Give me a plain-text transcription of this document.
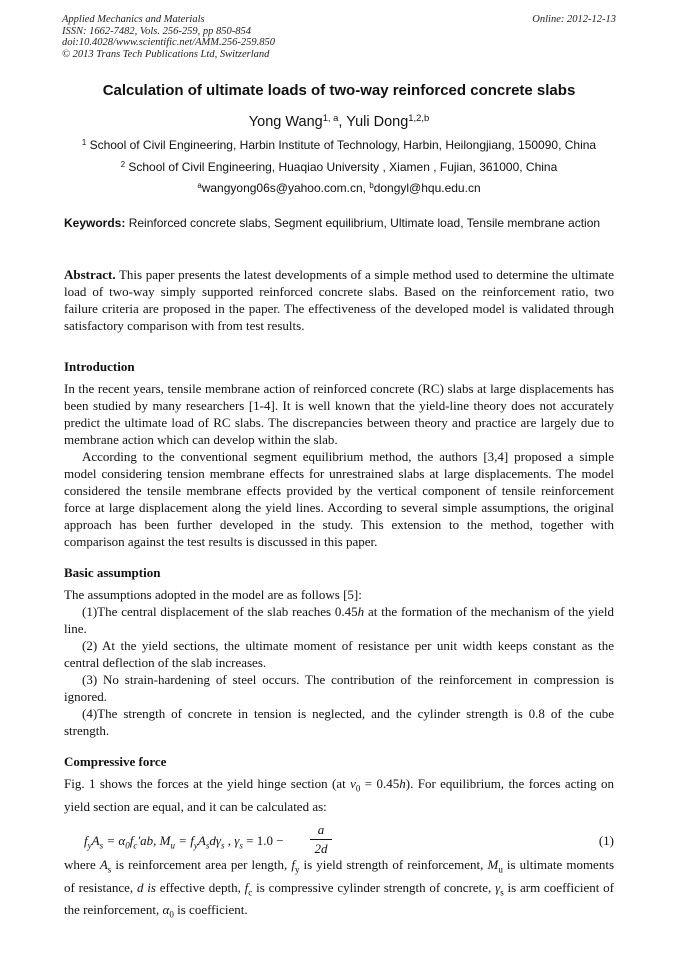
Applied Mechanics and Materials
ISSN: 1662-7482, Vols. 256-259, pp 850-854
doi:10.4028/www.scientific.net/AMM.256-259.850
© 2013 Trans Tech Publications Ltd, Switzerland
Online: 2012-12-13
Calculation of ultimate loads of two-way reinforced concrete slabs
Yong Wang$^{1, a}$, Yuli Dong$^{1,2,b}$
$^1$ School of Civil Engineering, Harbin Institute of Technology, Harbin, Heilongjiang, 150090, China
$^2$ School of Civil Engineering, Huaqiao University , Xiamen , Fujian, 361000, China
$^a$wangyong06s@yahoo.com.cn, $^b$dongyl@hqu.edu.cn
Keywords: Reinforced concrete slabs, Segment equilibrium, Ultimate load, Tensile membrane action

Abstract. This paper presents the latest developments of a simple method used to determine the ultimate load of two-way simply supported reinforced concrete slabs. Based on the reinforcement ratio, two failure criteria are proposed in the paper. The effectiveness of the developed model is validated through satisfactory comparison with from test results.

Introduction

In the recent years, tensile membrane action of reinforced concrete (RC) slabs at large displacements has been studied by many researchers [1-4]. It is well known that the yield-line theory does not accurately predict the ultimate load of RC slabs. The discrepancies between theory and practice are largely due to membrane action which can develop within the slab.

According to the conventional segment equilibrium method, the authors [3,4] proposed a simple model considering tension membrane effects for unrestrained slabs at large displacements. The model considered the tensile membrane effects provided by the vertical component of tensile reinforcement force at large displacement along the yield lines. According to several simple assumptions, the original approach has been further developed in the study. This extension to the method, together with comparison against the test results is discussed in this paper.

Basic assumption

The assumptions adopted in the model are as follows [5]:

(1)The central displacement of the slab reaches 0.45h at the formation of the mechanism of the yield line.

(2) At the yield sections, the ultimate moment of resistance per unit width keeps constant as the central deflection of the slab increases.

(3) No strain-hardening of steel occurs. The contribution of the reinforcement in compression is ignored.

(4)The strength of concrete in tension is neglected, and the cylinder strength is 0.8 of the cube strength.

Compressive force

Fig. 1 shows the forces at the yield hinge section (at $v_0 = 0.45h$). For equilibrium, the forces acting on yield section are equal, and it can be calculated as:

$f_yA_s = \alpha_0f_c'ab$, $M_u = f_yA_sd\gamma_s$ , $\gamma_s = 1.0$ −
a
2d
(1)

where $A_s$ is reinforcement area per length, $f_y$ is yield strength of reinforcement, $M_u$ is ultimate moments of resistance, d is effective depth, $f_c$ is compressive cylinder strength of concrete, $\gamma_s$ is arm coefficient of the reinforcement, $\alpha_0$ is coefficient.
